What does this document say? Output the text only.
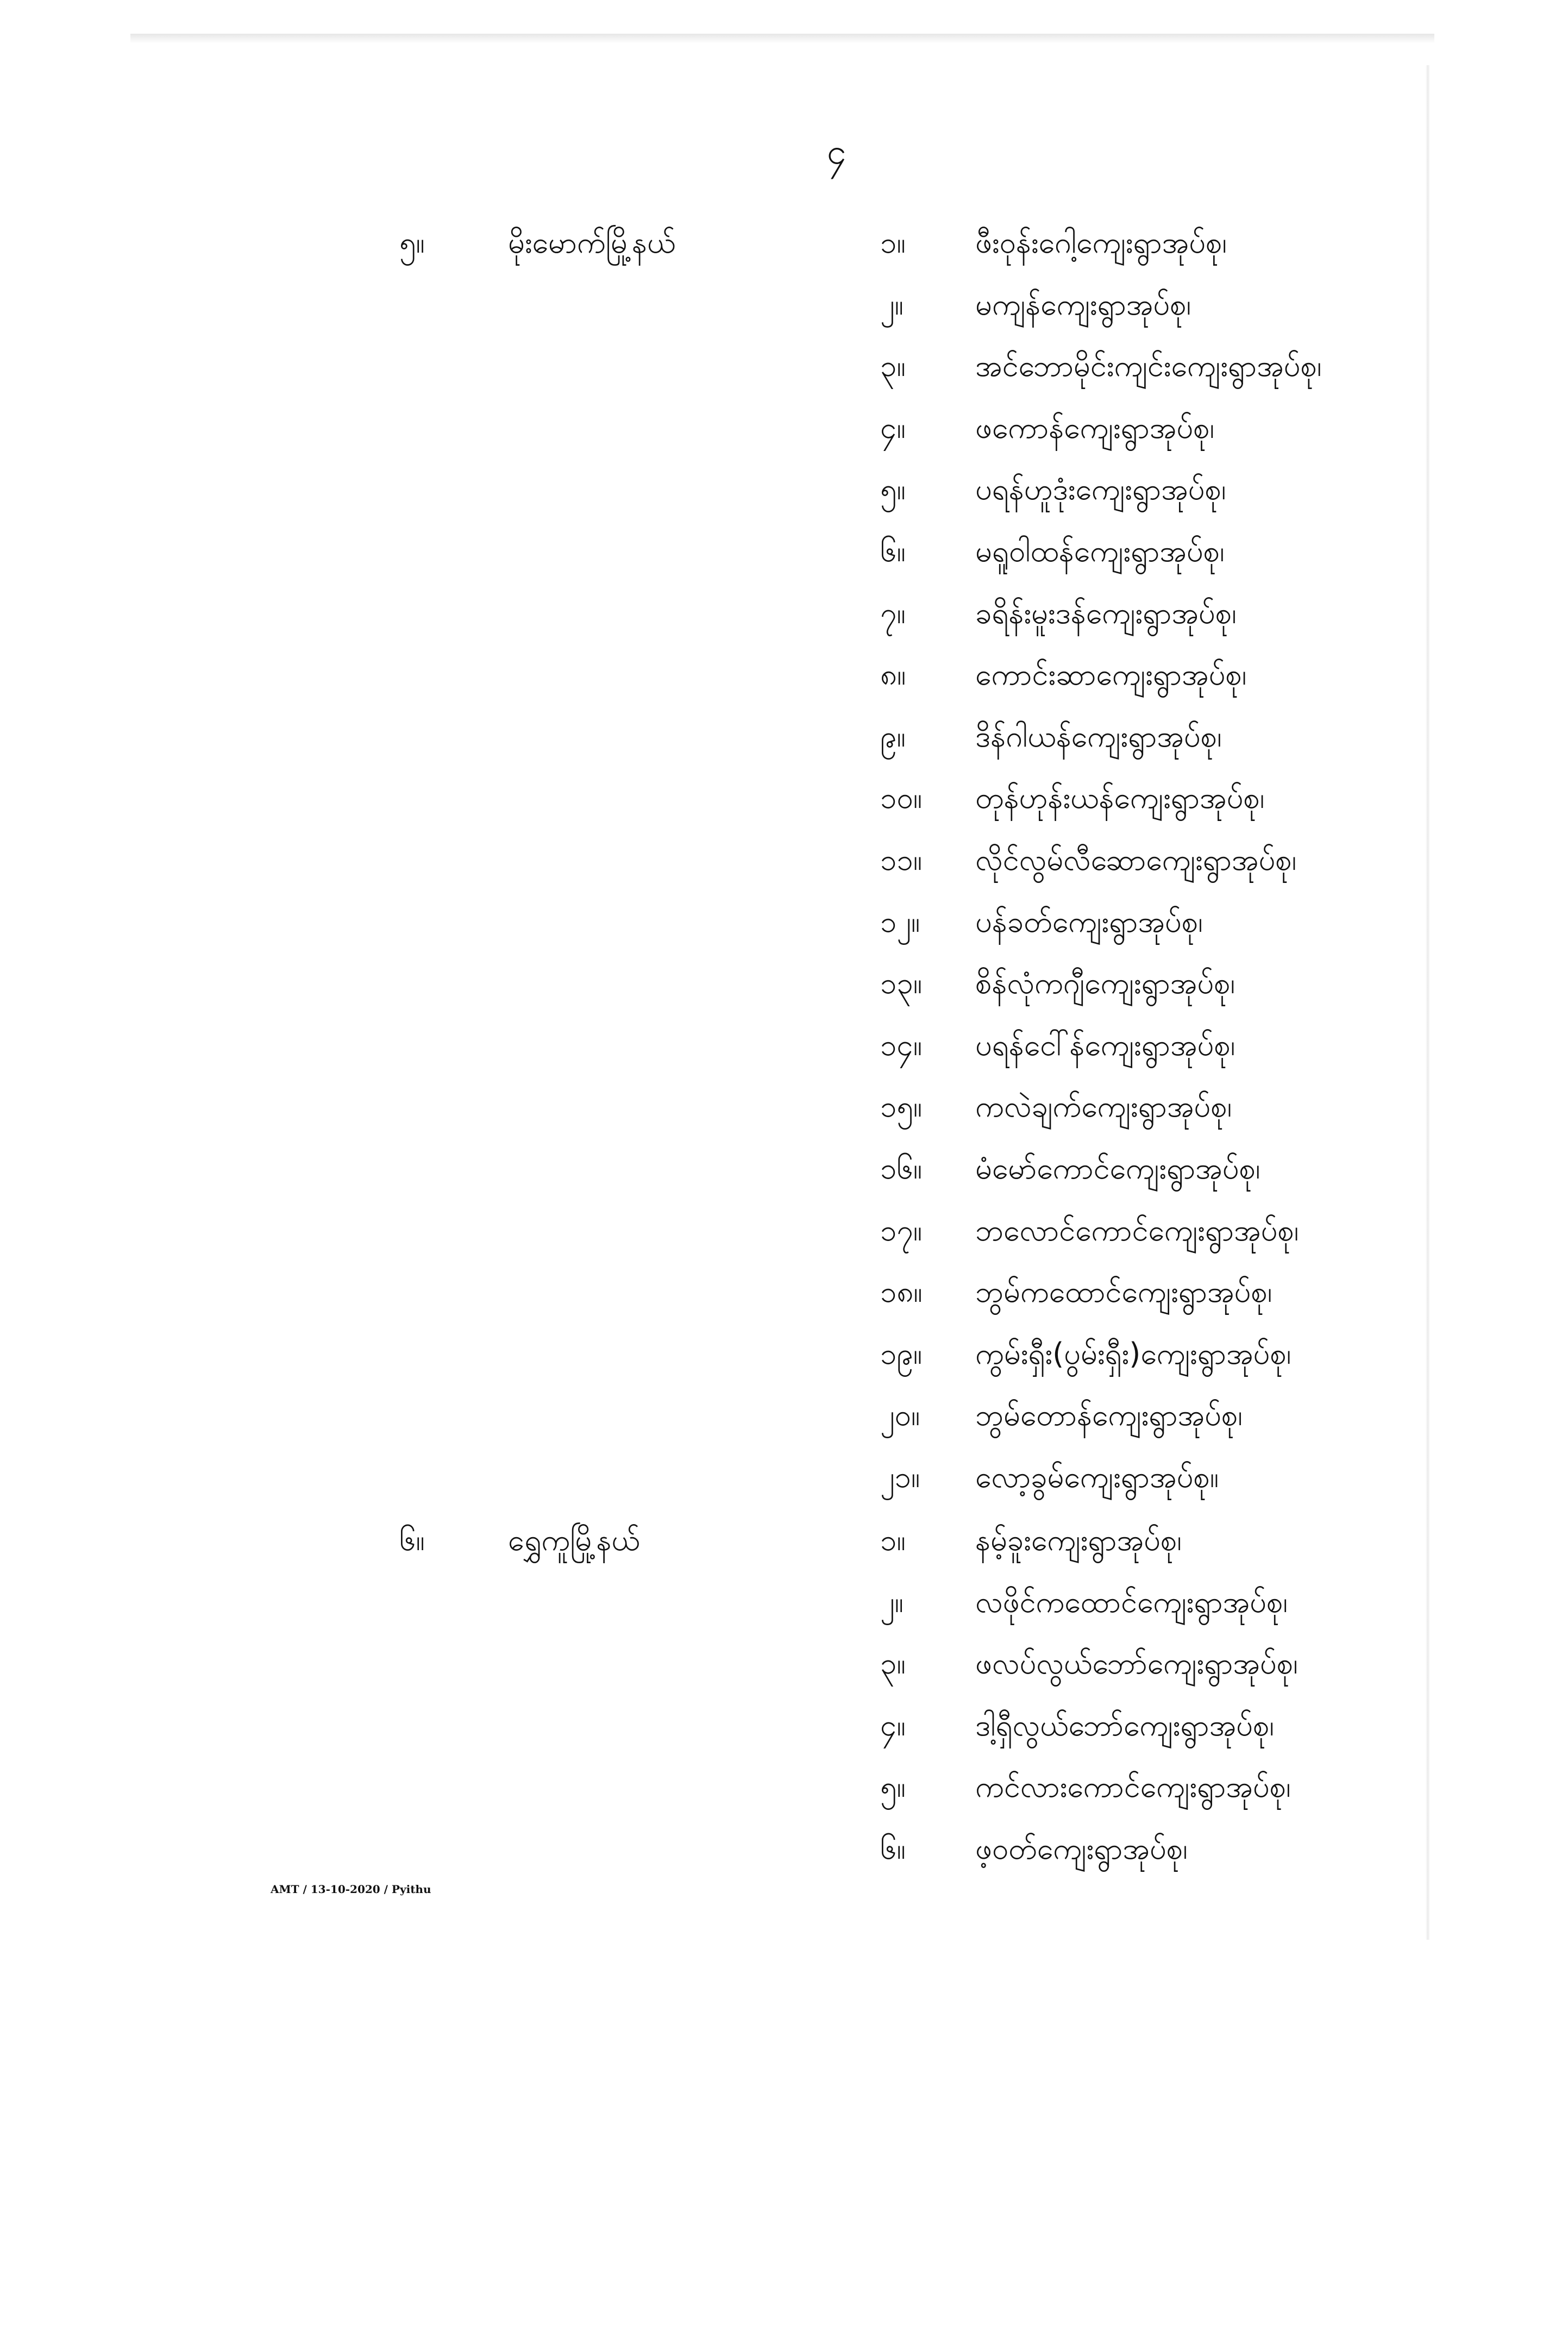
၄
၅။	မိုးမောက်မြို့နယ်	၁။	ဖီးဝုန်းဂေါ့ကျေးရွာအုပ်စု၊
၂။	မကျန်ကျေးရွာအုပ်စု၊
၃။	အင်ဘောမိုင်းကျင်းကျေးရွာအုပ်စု၊
၄။	ဖကောန်ကျေးရွာအုပ်စု၊
၅။	ပရန်ဟူဒုံးကျေးရွာအုပ်စု၊
၆။	မရူဝါထန်ကျေးရွာအုပ်စု၊
၇။	ခရိန်းမူးဒန်ကျေးရွာအုပ်စု၊
၈။	ကောင်းဆာကျေးရွာအုပ်စု၊
၉။	ဒိန်ဂါယန်ကျေးရွာအုပ်စု၊
၁၀။	တုန်ဟုန်းယန်ကျေးရွာအုပ်စု၊
၁၁။	လိုင်လွမ်လီဆောကျေးရွာအုပ်စု၊
၁၂။	ပန်ခတ်ကျေးရွာအုပ်စု၊
၁၃။	စိန်လုံကဂျီကျေးရွာအုပ်စု၊
၁၄။	ပရန်ငေါ်န်ကျေးရွာအုပ်စု၊
၁၅။	ကလဲချက်ကျေးရွာအုပ်စု၊
၁၆။	မံမော်ကောင်ကျေးရွာအုပ်စု၊
၁၇။	ဘလောင်ကောင်ကျေးရွာအုပ်စု၊
၁၈။	ဘွမ်ကထောင်ကျေးရွာအုပ်စု၊
၁၉။	ကွမ်းရှီး(ပွမ်းရှီး)ကျေးရွာအုပ်စု၊
၂၀။	ဘွမ်တောန်ကျေးရွာအုပ်စု၊
၂၁။	လော့ခွမ်ကျေးရွာအုပ်စု။
၆။	ရွှေကူမြို့နယ်	၁။	နမ့်ခူးကျေးရွာအုပ်စု၊
၂။	လဖိုင်ကထောင်ကျေးရွာအုပ်စု၊
၃။	ဖလပ်လွယ်ဘော်ကျေးရွာအုပ်စု၊
၄။	ဒါ့ရှီလွယ်ဘော်ကျေးရွာအုပ်စု၊
၅။	ကင်လားကောင်ကျေးရွာအုပ်စု၊
၆။	ဖ့ဝတ်ကျေးရွာအုပ်စု၊
AMT / 13-10-2020 / Pyithu
